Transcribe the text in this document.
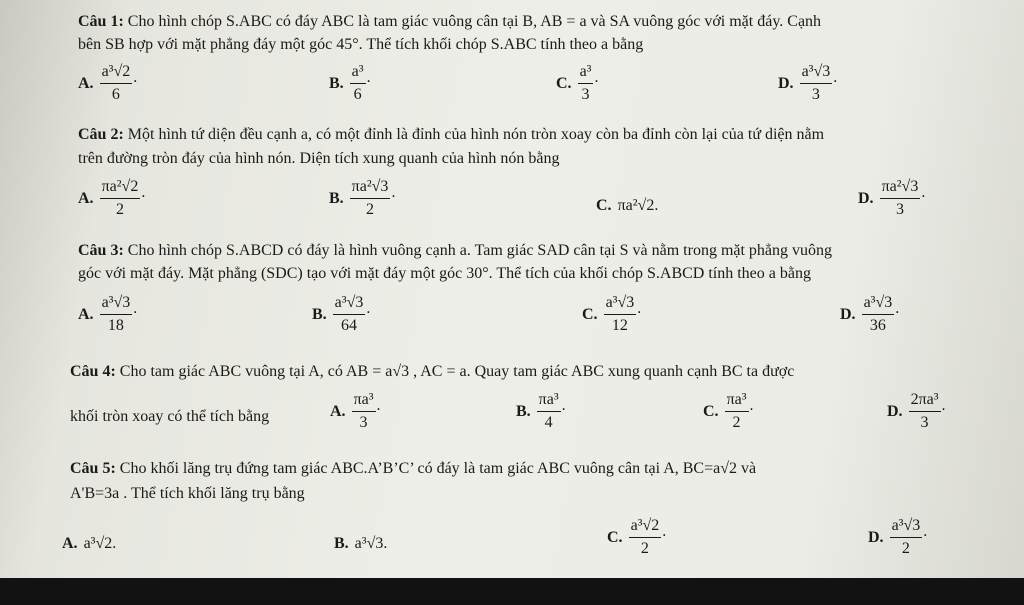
Câu 1: Cho hình chóp S.ABC có đáy ABC là tam giác vuông cân tại B, AB = a và SA vuông góc với mặt đáy. Cạnh
bên SB hợp với mặt phẳng đáy một góc 45°. Thể tích khối chóp S.ABC tính theo a bằng
A. $\frac{\text{a³√2}}{6}$ .	B. $\frac{\text{a³}}{6}$ .	C. $\frac{\text{a³}}{3}$ .	D. $\frac{\text{a³√3}}{3}$ .
Câu 2: Một hình tứ diện đều cạnh a, có một đỉnh là đỉnh của hình nón tròn xoay còn ba đỉnh còn lại của tứ diện nằm
trên đường tròn đáy của hình nón. Diện tích xung quanh của hình nón bằng
A. $\frac{\text{πa²√2}}{2}$ .	B. $\frac{\text{πa²√3}}{2}$ .
C. πa²√2.	D. $\frac{\text{πa²√3}}{3}$ .
Câu 3: Cho hình chóp S.ABCD có đáy là hình vuông cạnh a. Tam giác SAD cân tại S và nằm trong mặt phẳng vuông
góc với mặt đáy. Mặt phẳng (SDC) tạo với mặt đáy một góc 30°. Thể tích của khối chóp S.ABCD tính theo a bằng
A. $\frac{\text{a³√3}}{18}$ .	B. $\frac{\text{a³√3}}{64}$ .	C. $\frac{\text{a³√3}}{12}$ .	D. $\frac{\text{a³√3}}{36}$ .
Câu 4: Cho tam giác ABC vuông tại A, có AB = a√3 , AC = a. Quay tam giác ABC xung quanh cạnh BC ta được
khối tròn xoay có thể tích bằng	A. $\frac{\text{πa³}}{3}$ .	B. $\frac{\text{πa³}}{4}$ .	C. $\frac{\text{πa³}}{2}$ .	D. $\frac{\text{2πa³}}{3}$ .
Câu 5: Cho khối lăng trụ đứng tam giác ABC.A’B’C’ có đáy là tam giác ABC vuông cân tại A, BC=a√2 và
A'B=3a . Thể tích khối lăng trụ bằng
A. a³√2.	B. a³√3.	C. $\frac{\text{a³√2}}{2}$ .	D. $\frac{\text{a³√3}}{2}$ .
